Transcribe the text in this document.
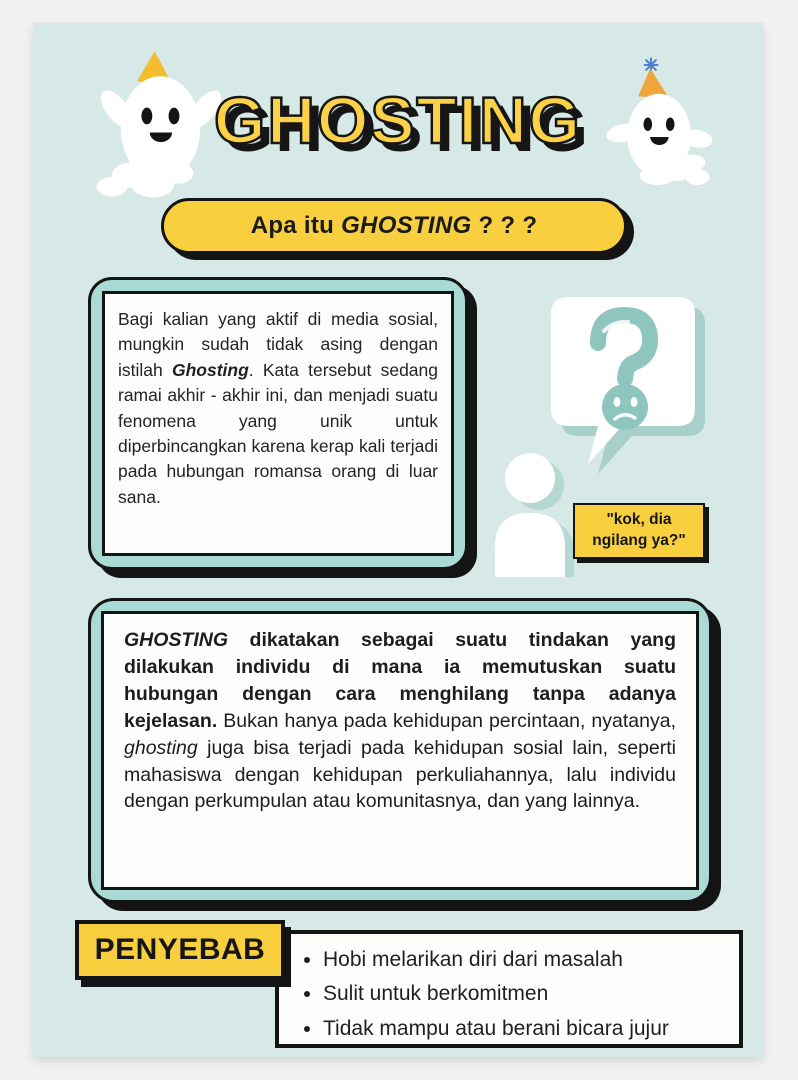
GHOSTING
Apa itu GHOSTING ? ? ?

Bagi kalian yang aktif di media sosial, mungkin sudah tidak asing dengan istilah Ghosting. Kata tersebut sedang ramai akhir - akhir ini, dan menjadi suatu fenomena yang unik untuk diperbincangkan karena kerap kali terjadi pada hubungan romansa orang di luar sana.

"kok, dia
ngilang ya?"

GHOSTING dikatakan sebagai suatu tindakan yang dilakukan individu di mana ia memutuskan suatu hubungan dengan cara menghilang tanpa adanya kejelasan. Bukan hanya pada kehidupan percintaan, nyatanya, ghosting juga bisa terjadi pada kehidupan sosial lain, seperti mahasiswa dengan kehidupan perkuliahannya, lalu individu dengan perkumpulan atau komunitasnya, dan yang lainnya.

PENYEBAB	• Hobi melarikan diri dari masalah
• Sulit untuk berkomitmen
• Tidak mampu atau berani bicara jujur
